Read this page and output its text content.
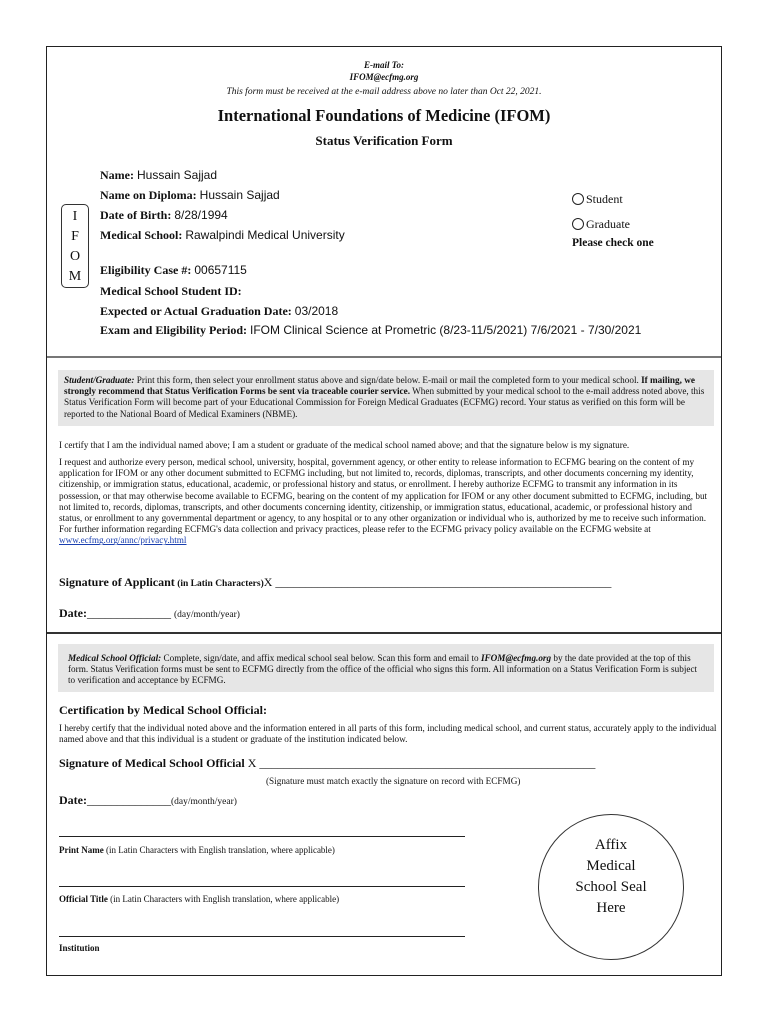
E-mail To:
IFOM@ecfmg.org
This form must be received at the e-mail address above no later than Oct 22, 2021.
International Foundations of Medicine (IFOM)
Status Verification Form
I
F
O
M
Name: Hussain Sajjad
Name on Diploma: Hussain Sajjad
Date of Birth: 8/28/1994
Medical School: Rawalpindi Medical University
Eligibility Case #: 00657115
Medical School Student ID:
Expected or Actual Graduation Date: 03/2018
Exam and Eligibility Period: IFOM Clinical Science at Prometric (8/23-11/5/2021) 7/6/2021 - 7/30/2021
Student
Graduate
Please check one
Student/Graduate: Print this form, then select your enrollment status above and sign/date below. E-mail or mail the completed form to your medical school. If mailing, we strongly recommend that Status Verification Forms be sent via traceable courier service. When submitted by your medical school to the e-mail address noted above, this Status Verification Form will become part of your Educational Commission for Foreign Medical Graduates (ECFMG) record. Your status as verified on this form will be reported to the National Board of Medical Examiners (NBME).
I certify that I am the individual named above; I am a student or graduate of the medical school named above; and that the signature below is my signature.
I request and authorize every person, medical school, university, hospital, government agency, or other entity to release information to ECFMG bearing on the content of my application for IFOM or any other document submitted to ECFMG including, but not limited to, records, diplomas, transcripts, and other documents concerning my identity, citizenship, or immigration status, educational, academic, or professional history and status, or enrollment. I hereby authorize ECFMG to transmit any information in its possession, or that may otherwise become available to ECFMG, bearing on the content of my application for IFOM or any other document submitted to ECFMG, including, but not limited to, records, diplomas, transcripts, and other documents concerning identity, citizenship, or immigration status, educational, academic, or professional history and status, or enrollment to any governmental department or agency, to any hospital or to any other organization or individual who is, authorized by me to receive such information. For further information regarding ECFMG's data collection and privacy practices, please refer to the ECFMG privacy policy available on the ECFMG website at www.ecfmg.org/annc/privacy.html
Signature of Applicant (in Latin Characters)X ________________________________________________________
Date:______________ (day/month/year)
Medical School Official: Complete, sign/date, and affix medical school seal below. Scan this form and email to IFOM@ecfmg.org by the date provided at the top of this form. Status Verification forms must be sent to ECFMG directly from the office of the official who signs this form. All information on a Status Verification Form is subject to verification and acceptance by ECFMG.
Certification by Medical School Official:
I hereby certify that the individual noted above and the information entered in all parts of this form, including medical school, and current status, accurately apply to the individual named above and that this individual is a student or graduate of the institution indicated below.
Signature of Medical School Official X ________________________________________________________
(Signature must match exactly the signature on record with ECFMG)
Date:______________(day/month/year)
Print Name (in Latin Characters with English translation, where applicable)
Official Title (in Latin Characters with English translation, where applicable)
Institution
Affix
Medical
School Seal
Here
